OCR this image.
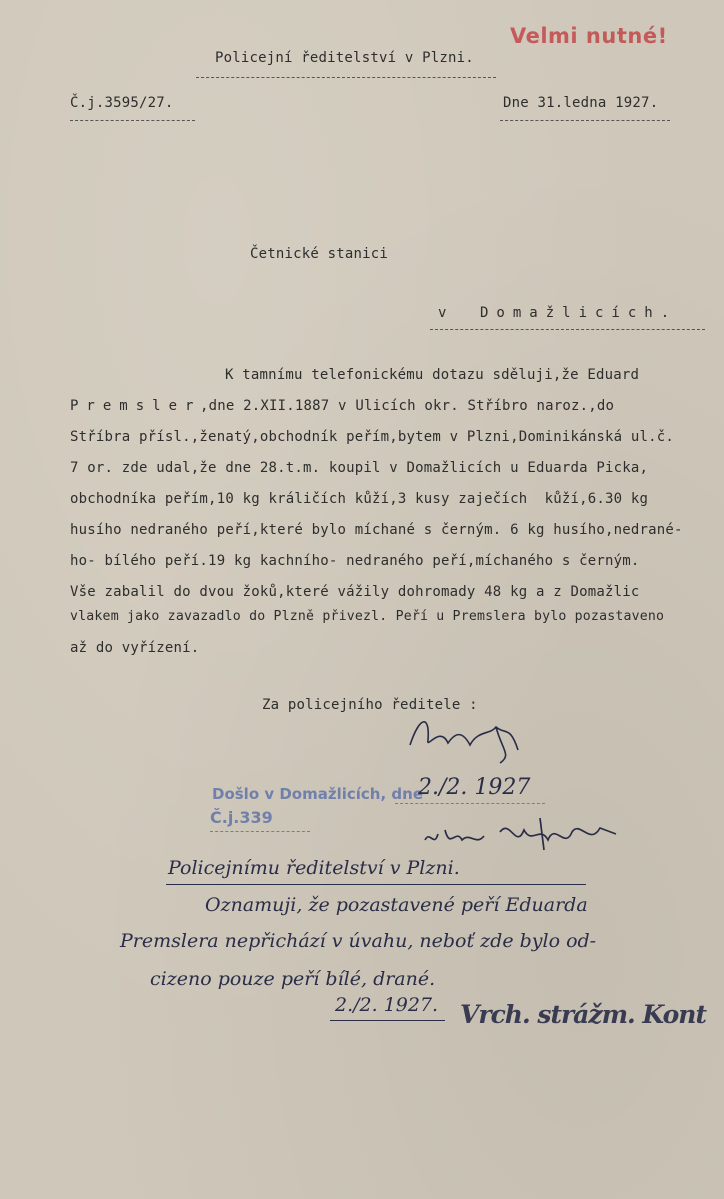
Velmi nutné!
Policejní ředitelství v Plzni.
Č.j.3595/27.	Dne 31.ledna 1927.
Četnické stanici
v Domažlicích.
K tamnímu telefonickému dotazu sděluji,že Eduard
Premsler
,dne 2.XII.1887 v Ulicích okr. Stříbro naroz.,do
Stříbra přísl.,ženatý,obchodník peřím,bytem v Plzni,Dominikánská ul.č.
7 or. zde udal,že dne 28.t.m. koupil v Domažlicích u Eduarda Picka,
obchodníka peřím,10 kg králičích kůží,3 kusy zaječích  kůží,6.30 kg
husího nedraného peří,které bylo míchané s černým. 6 kg husího,nedrané-
ho- bílého peří.19 kg kachního- nedraného peří,míchaného s černým.
Vše zabalil do dvou žoků,které vážily dohromady 48 kg a z Domažlic
vlakem jako zavazadlo do Plzně přivezl. Peří u Premslera bylo pozastaveno
až do vyřízení.
Za policejního ředitele :
Došlo v Domažlicích, dne
2./2. 1927
Č.j.339
Policejnímu ředitelství v Plzni.
Oznamuji, že pozastavené peří Eduarda
Premslera nepřichází v úvahu, neboť zde bylo od-
cizeno pouze peří bílé, drané.
2./2. 1927. Vrch. strážm. Kont
